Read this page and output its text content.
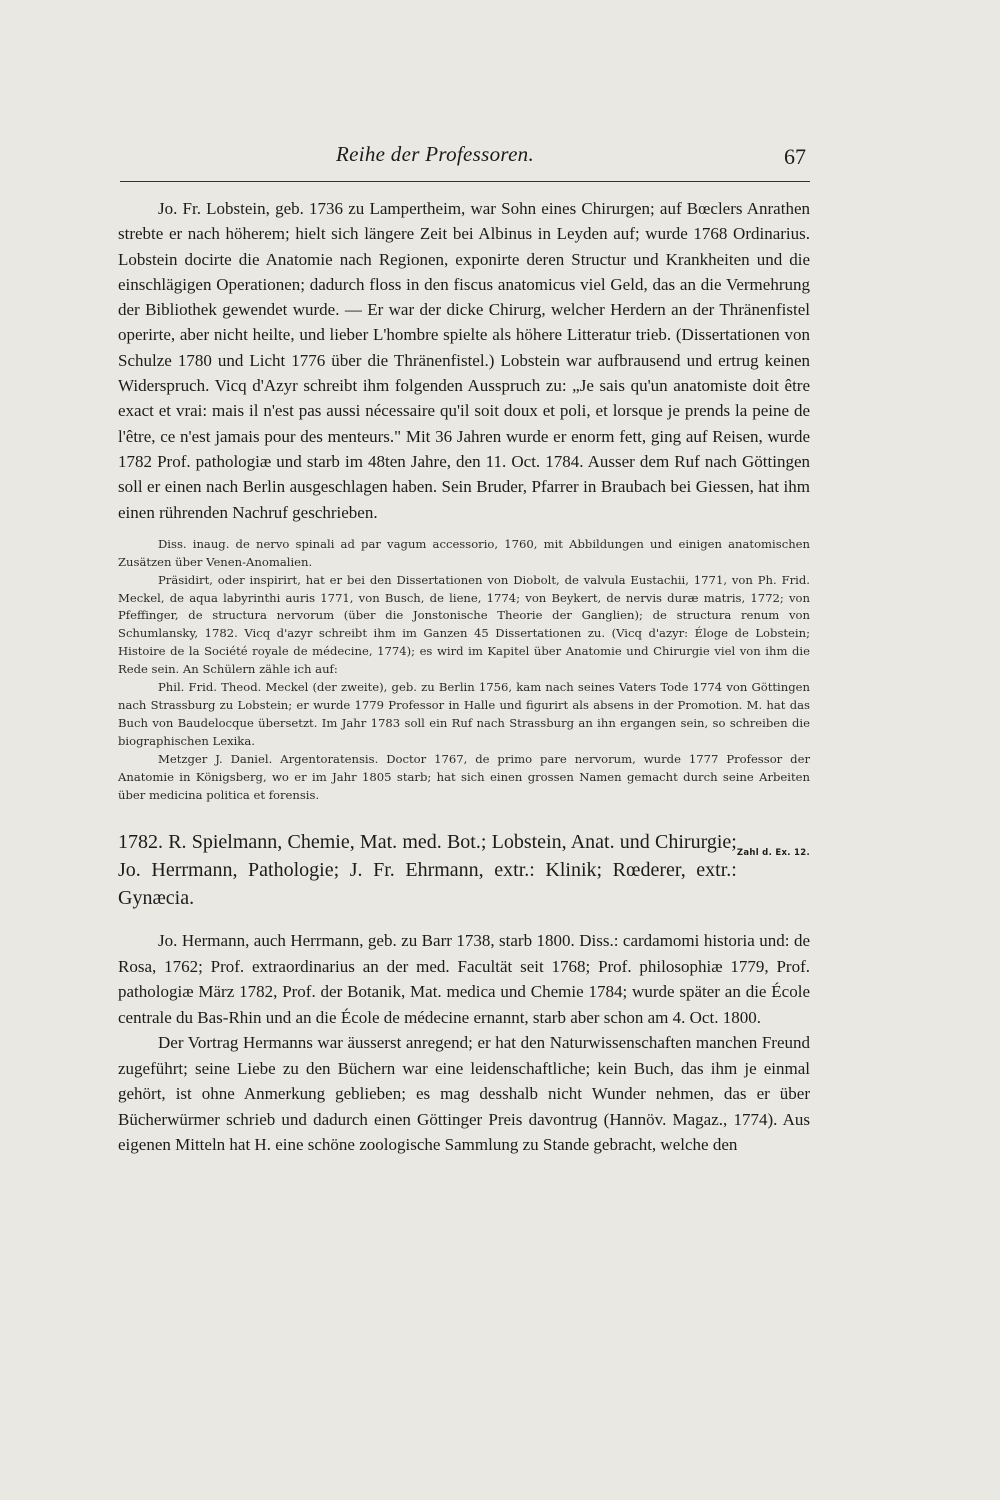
Reihe der Professoren.	67

Jo. Fr. Lobstein, geb. 1736 zu Lampertheim, war Sohn eines Chirurgen; auf Bœclers Anrathen strebte er nach höherem; hielt sich längere Zeit bei Albinus in Leyden auf; wurde 1768 Ordinarius. Lobstein docirte die Anatomie nach Regionen, exponirte deren Structur und Krankheiten und die einschlägigen Operationen; dadurch floss in den fiscus anatomicus viel Geld, das an die Vermehrung der Bibliothek gewendet wurde. — Er war der dicke Chirurg, welcher Herdern an der Thränenfistel operirte, aber nicht heilte, und lieber L'hombre spielte als höhere Litteratur trieb. (Dissertationen von Schulze 1780 und Licht 1776 über die Thränenfistel.) Lobstein war aufbrausend und ertrug keinen Widerspruch. Vicq d'Azyr schreibt ihm folgenden Ausspruch zu: „Je sais qu'un anatomiste doit être exact et vrai: mais il n'est pas aussi nécessaire qu'il soit doux et poli, et lorsque je prends la peine de l'être, ce n'est jamais pour des menteurs." Mit 36 Jahren wurde er enorm fett, ging auf Reisen, wurde 1782 Prof. pathologiæ und starb im 48ten Jahre, den 11. Oct. 1784. Ausser dem Ruf nach Göttingen soll er einen nach Berlin ausgeschlagen haben. Sein Bruder, Pfarrer in Braubach bei Giessen, hat ihm einen rührenden Nachruf geschrieben.

Diss. inaug. de nervo spinali ad par vagum accessorio, 1760, mit Abbildungen und einigen anatomischen Zusätzen über Venen-Anomalien.

Präsidirt, oder inspirirt, hat er bei den Dissertationen von Diobolt, de valvula Eustachii, 1771, von Ph. Frid. Meckel, de aqua labyrinthi auris 1771, von Busch, de liene, 1774; von Beykert, de nervis duræ matris, 1772; von Pfeffinger, de structura nervorum (über die Jonstonische Theorie der Ganglien); de structura renum von Schumlansky, 1782. Vicq d'azyr schreibt ihm im Ganzen 45 Dissertationen zu. (Vicq d'azyr: Éloge de Lobstein; Histoire de la Société royale de médecine, 1774); es wird im Kapitel über Anatomie und Chirurgie viel von ihm die Rede sein. An Schülern zähle ich auf:

Phil. Frid. Theod. Meckel (der zweite), geb. zu Berlin 1756, kam nach seines Vaters Tode 1774 von Göttingen nach Strassburg zu Lobstein; er wurde 1779 Professor in Halle und figurirt als absens in der Promotion. M. hat das Buch von Baudelocque übersetzt. Im Jahr 1783 soll ein Ruf nach Strassburg an ihn ergangen sein, so schreiben die biographischen Lexika.

Metzger J. Daniel. Argentoratensis. Doctor 1767, de primo pare nervorum, wurde 1777 Professor der Anatomie in Königsberg, wo er im Jahr 1805 starb; hat sich einen grossen Namen gemacht durch seine Arbeiten über medicina politica et forensis.

Zahl d. Ex. 12.
1782. R. Spielmann, Chemie, Mat. med. Bot.; Lobstein, Anat. und Chirurgie; Jo. Herrmann, Pathologie; J. Fr. Ehrmann, extr.: Klinik; Rœderer, extr.: Gynæcia.

Jo. Hermann, auch Herrmann, geb. zu Barr 1738, starb 1800. Diss.: cardamomi historia und: de Rosa, 1762; Prof. extraordinarius an der med. Facultät seit 1768; Prof. philosophiæ 1779, Prof. pathologiæ März 1782, Prof. der Botanik, Mat. medica und Chemie 1784; wurde später an die École centrale du Bas-Rhin und an die École de médecine ernannt, starb aber schon am 4. Oct. 1800.

Der Vortrag Hermanns war äusserst anregend; er hat den Naturwissenschaften manchen Freund zugeführt; seine Liebe zu den Büchern war eine leidenschaftliche; kein Buch, das ihm je einmal gehört, ist ohne Anmerkung geblieben; es mag desshalb nicht Wunder nehmen, das er über Bücherwürmer schrieb und dadurch einen Göttinger Preis davontrug (Hannöv. Magaz., 1774). Aus eigenen Mitteln hat H. eine schöne zoologische Sammlung zu Stande gebracht, welche den
